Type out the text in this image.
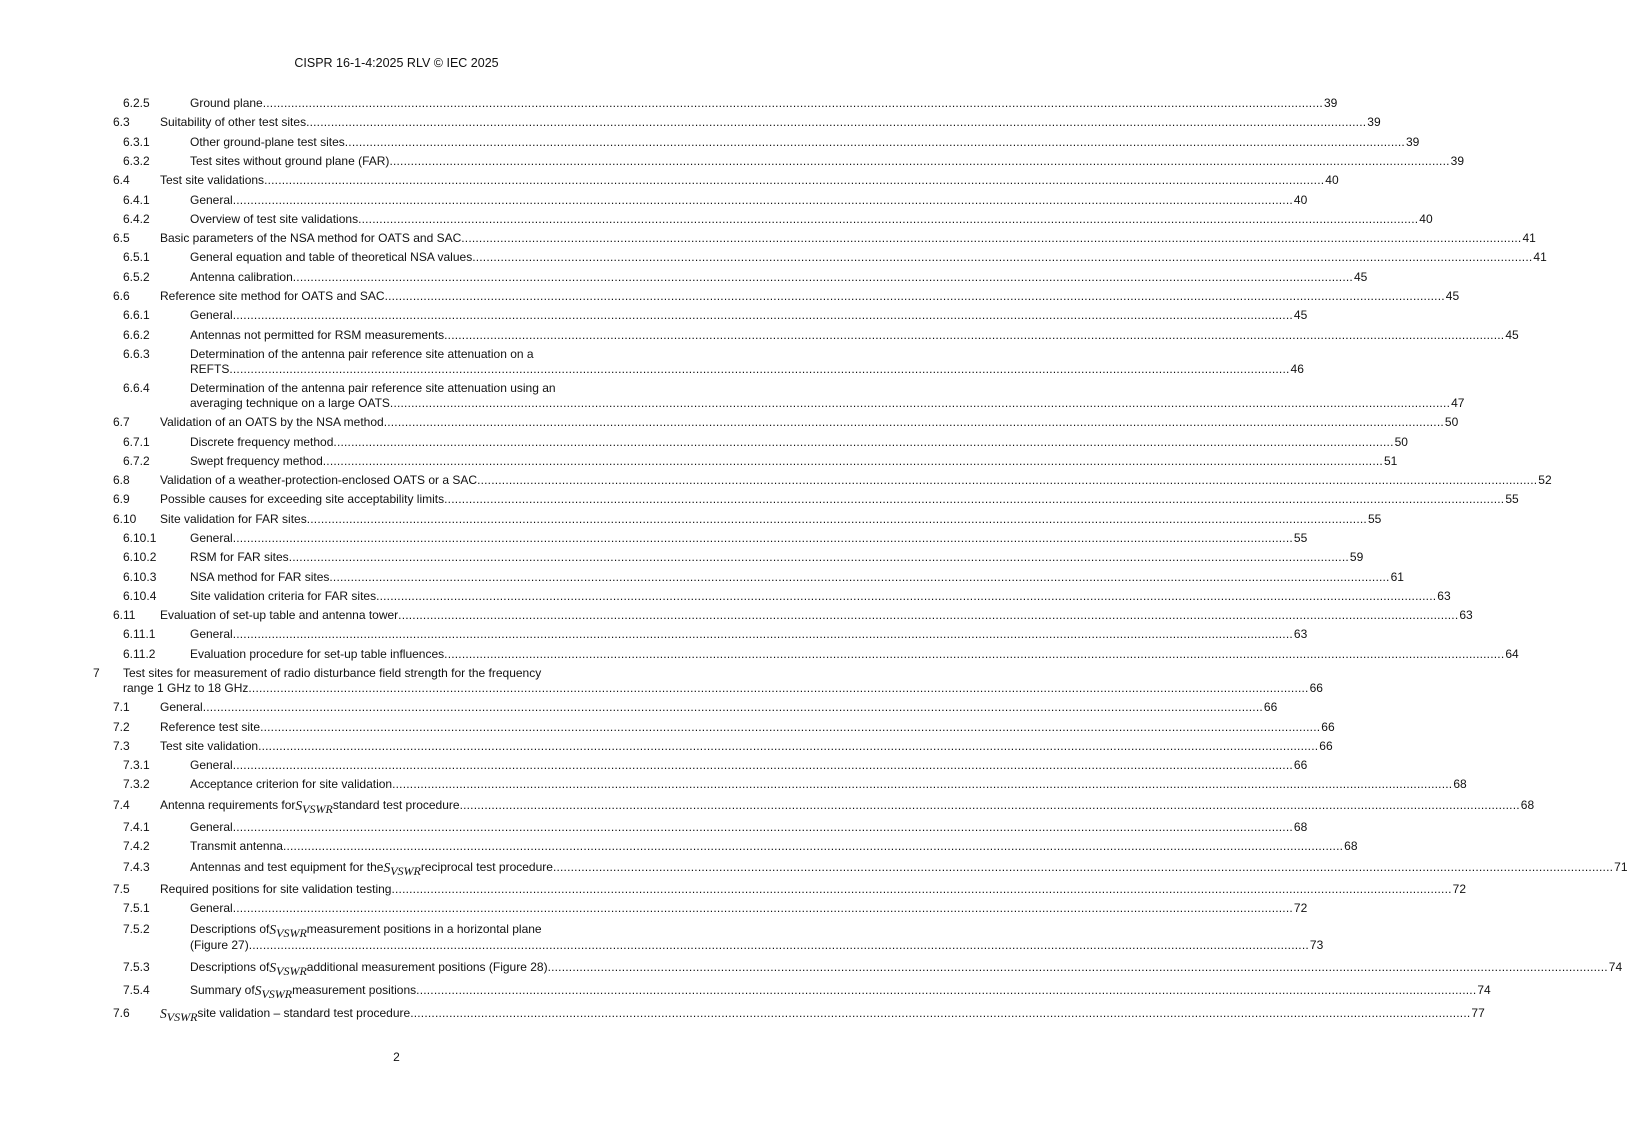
CISPR 16-1-4:2025 RLV © IEC 2025
6.2.5	Ground plane ............................................................................................................................................................................................................................................................................................................ 39
6.3	Suitability of other test sites ............................................................................................................................................................................................................................................................................................................ 39
6.3.1	Other ground-plane test sites ............................................................................................................................................................................................................................................................................................................ 39
6.3.2	Test sites without ground plane (FAR) ............................................................................................................................................................................................................................................................................................................ 39
6.4	Test site validations ............................................................................................................................................................................................................................................................................................................ 40
6.4.1	General ............................................................................................................................................................................................................................................................................................................ 40
6.4.2	Overview of test site validations ............................................................................................................................................................................................................................................................................................................ 40
6.5	Basic parameters of the NSA method for OATS and SAC ............................................................................................................................................................................................................................................................................................................ 41
6.5.1	General equation and table of theoretical NSA values ............................................................................................................................................................................................................................................................................................................ 41
6.5.2	Antenna calibration ............................................................................................................................................................................................................................................................................................................ 45
6.6	Reference site method for OATS and SAC ............................................................................................................................................................................................................................................................................................................ 45
6.6.1	General ............................................................................................................................................................................................................................................................................................................ 45
6.6.2	Antennas not permitted for RSM measurements ............................................................................................................................................................................................................................................................................................................ 45
6.6.3	Determination of the antenna pair reference site attenuation on a
REFTS ............................................................................................................................................................................................................................................................................................................ 46
6.6.4	Determination of the antenna pair reference site attenuation using an
averaging technique on a large OATS ............................................................................................................................................................................................................................................................................................................ 47
6.7	Validation of an OATS by the NSA method ............................................................................................................................................................................................................................................................................................................ 50
6.7.1	Discrete frequency method ............................................................................................................................................................................................................................................................................................................ 50
6.7.2	Swept frequency method ............................................................................................................................................................................................................................................................................................................ 51
6.8	Validation of a weather-protection-enclosed OATS or a SAC ............................................................................................................................................................................................................................................................................................................ 52
6.9	Possible causes for exceeding site acceptability limits ............................................................................................................................................................................................................................................................................................................ 55
6.10 Site validation for FAR sites ............................................................................................................................................................................................................................................................................................................ 55
6.10.1	General ............................................................................................................................................................................................................................................................................................................ 55
6.10.2	RSM for FAR sites ............................................................................................................................................................................................................................................................................................................ 59
6.10.3	NSA method for FAR sites ............................................................................................................................................................................................................................................................................................................ 61
6.10.4	Site validation criteria for FAR sites ............................................................................................................................................................................................................................................................................................................ 63
6.11 Evaluation of set-up table and antenna tower ............................................................................................................................................................................................................................................................................................................ 63
6.11.1	General ............................................................................................................................................................................................................................................................................................................ 63
6.11.2	Evaluation procedure for set-up table influences ............................................................................................................................................................................................................................................................................................................ 64
7 Test sites for measurement of radio disturbance field strength for the frequency
range 1 GHz to 18 GHz ............................................................................................................................................................................................................................................................................................................ 66
7.1	General ............................................................................................................................................................................................................................................................................................................ 66
7.2	Reference test site ............................................................................................................................................................................................................................................................................................................ 66
7.3	Test site validation ............................................................................................................................................................................................................................................................................................................ 66
7.3.1	General ............................................................................................................................................................................................................................................................................................................ 66
7.3.2	Acceptance criterion for site validation ............................................................................................................................................................................................................................................................................................................ 68
7.4	Antenna requirements for SVSWR standard test procedure ............................................................................................................................................................................................................................................................................................................ 68
7.4.1	General ............................................................................................................................................................................................................................................................................................................ 68
7.4.2	Transmit antenna ............................................................................................................................................................................................................................................................................................................ 68
7.4.3	Antennas and test equipment for the SVSWR reciprocal test procedure ............................................................................................................................................................................................................................................................................................................ 71
7.5	Required positions for site validation testing ............................................................................................................................................................................................................................................................................................................ 72
7.5.1	General ............................................................................................................................................................................................................................................................................................................ 72
7.5.2	Descriptions of SVSWR measurement positions in a horizontal plane
(Figure 27) ............................................................................................................................................................................................................................................................................................................ 73
7.5.3	Descriptions of SVSWR additional measurement positions (Figure 28) ............................................................................................................................................................................................................................................................................................................ 74
7.5.4	Summary of SVSWR measurement positions ............................................................................................................................................................................................................................................................................................................ 74
7.6 SVSWR site validation – standard test procedure ............................................................................................................................................................................................................................................................................................................ 77
2
